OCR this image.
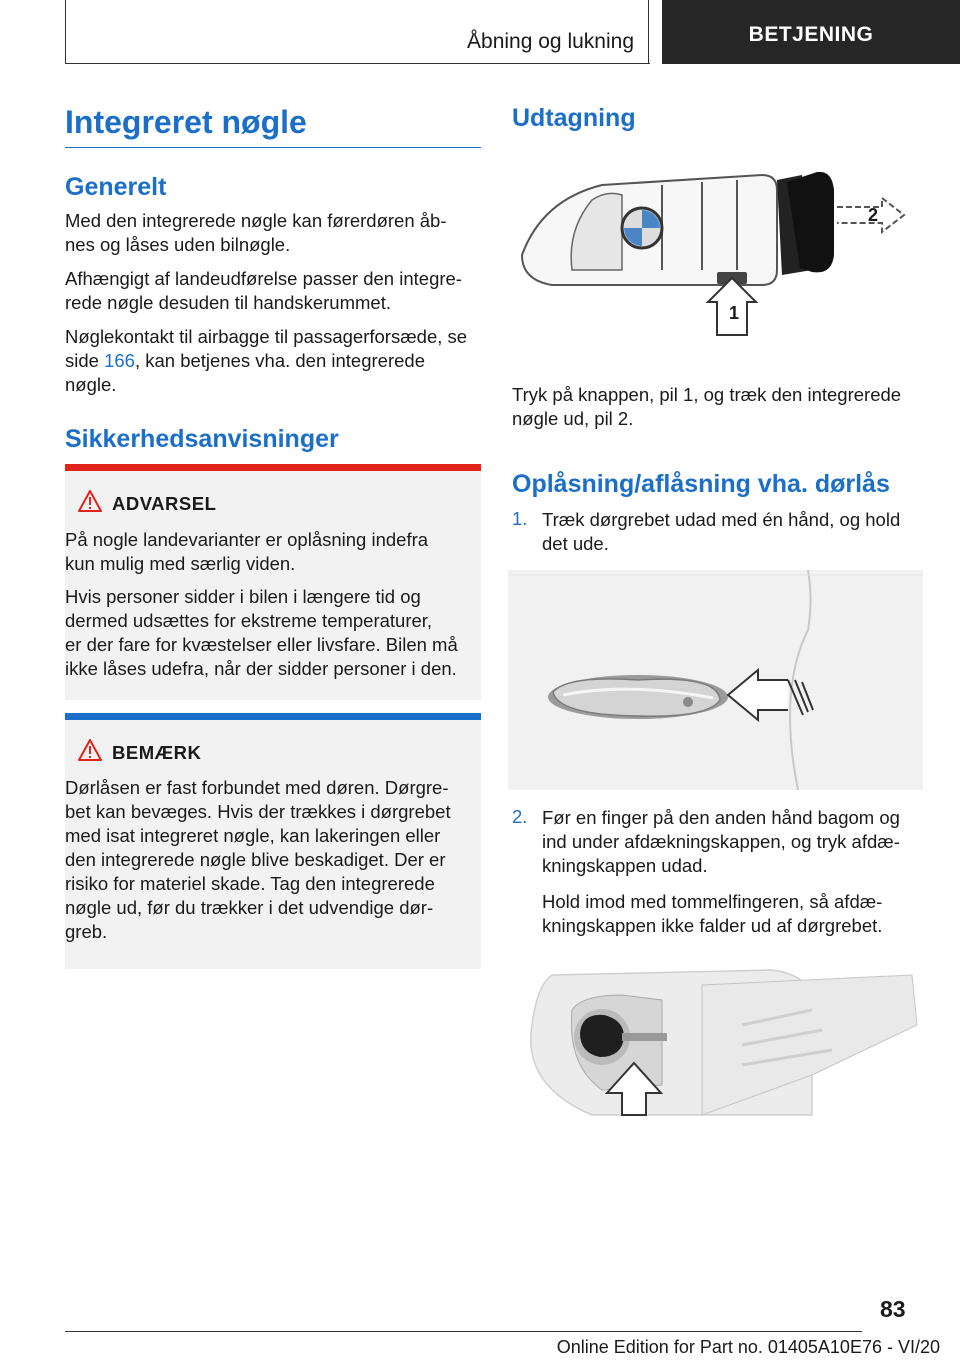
Åbning og lukning	BETJENING
Integreret nøgle
Generelt
Med den integrerede nøgle kan førerdøren åb-
nes og låses uden bilnøgle.
Afhængigt af landeudførelse passer den integre-
rede nøgle desuden til handskerummet.
Nøglekontakt til airbagge til passagerforsæde, se
side 166, kan betjenes vha. den integrerede
nøgle.
Sikkerhedsanvisninger
ADVARSEL
På nogle landevarianter er oplåsning indefra
kun mulig med særlig viden.
Hvis personer sidder i bilen i længere tid og
dermed udsættes for ekstreme temperaturer,
er der fare for kvæstelser eller livsfare. Bilen må
ikke låses udefra, når der sidder personer i den.
BEMÆRK
Dørlåsen er fast forbundet med døren. Dørgre-
bet kan bevæges. Hvis der trækkes i dørgrebet
med isat integreret nøgle, kan lakeringen eller
den integrerede nøgle blive beskadiget. Der er
risiko for materiel skade. Tag den integrerede
nøgle ud, før du trækker i det udvendige dør-
greb.
Udtagning
1
2
Tryk på knappen, pil 1, og træk den integrerede
nøgle ud, pil 2.
Oplåsning/aflåsning vha. dørlås
1. Træk dørgrebet udad med én hånd, og hold
det ude.
2. Før en finger på den anden hånd bagom og
ind under afdækningskappen, og tryk afdæ-
kningskappen udad.
Hold imod med tommelfingeren, så afdæ-
kningskappen ikke falder ud af dørgrebet.
83
Online Edition for Part no. 01405A10E76 - VI/20
